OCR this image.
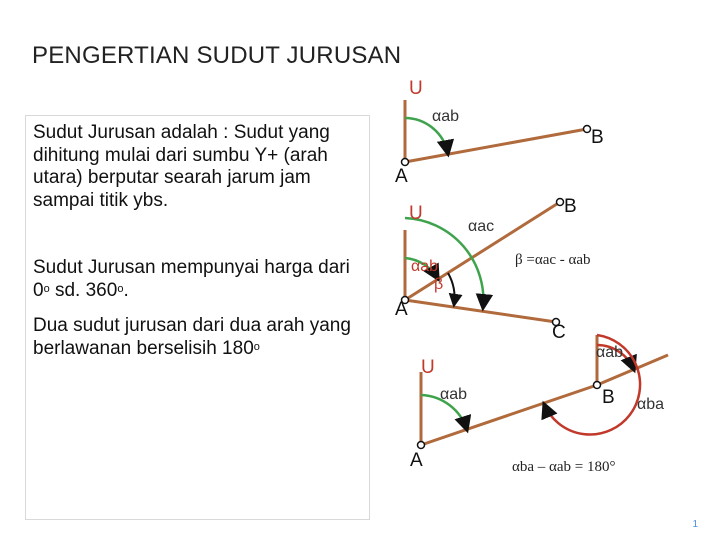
PENGERTIAN SUDUT JURUSAN

Sudut Jurusan adalah : Sudut yang dihitung mulai dari sumbu Y+ (arah utara) berputar searah jarum jam sampai titik ybs.

Sudut Jurusan mempunyai harga dari 0$^o$ sd. 360$^o$.

Dua sudut jurusan dari dua arah yang berlawanan berselisih 180$^o$

U
αab
A
B
U
αac
αab
β
A
B
C
β =αac - αab
U
αab
A
αab
B αba
αba – αab = 180°
1
